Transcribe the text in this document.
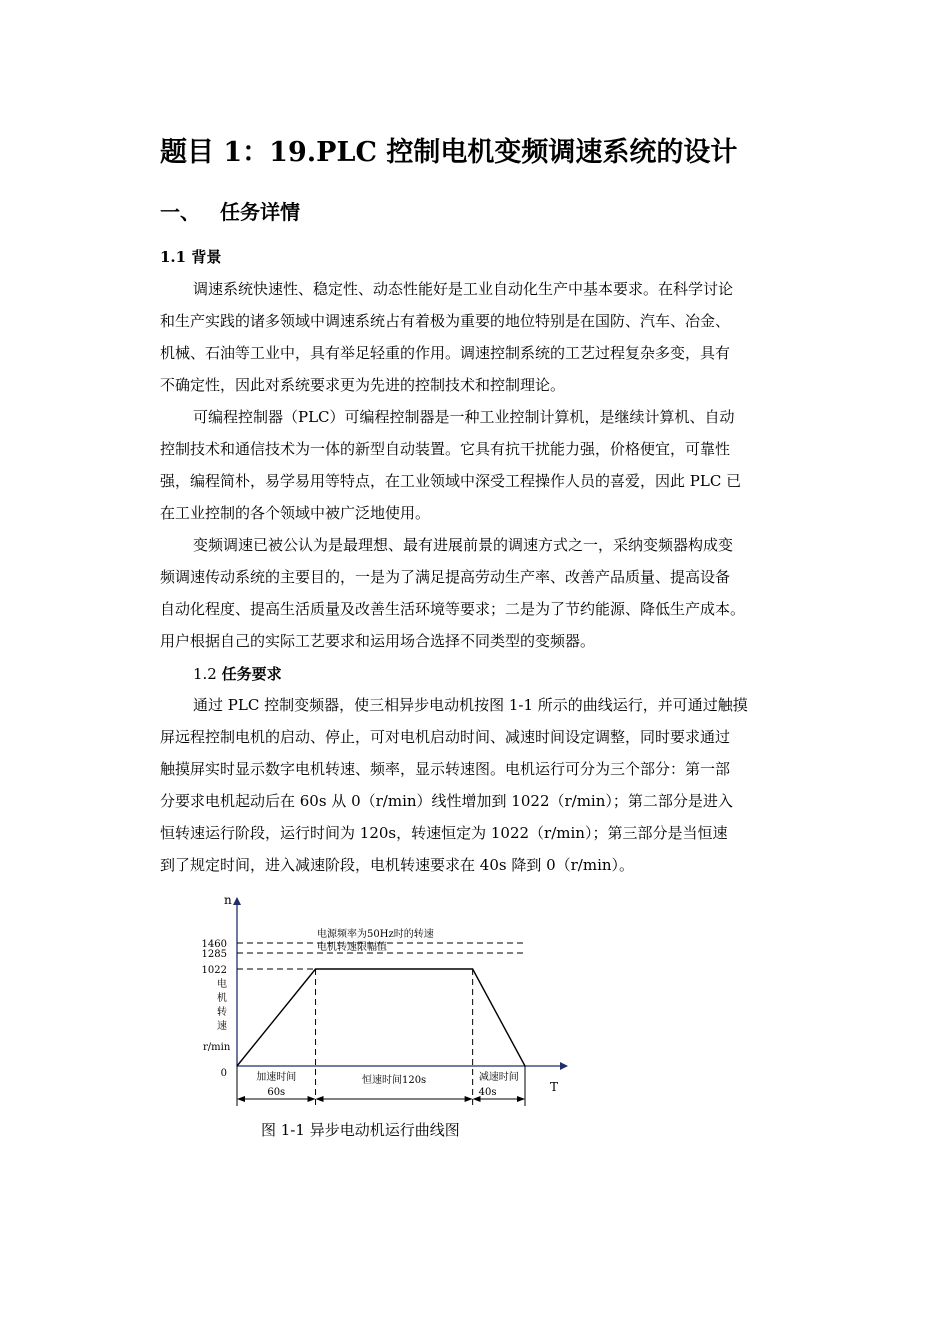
题目 1：19.PLC 控制电机变频调速系统的设计
一、 任务详情
1.1 背景
调速系统快速性、稳定性、动态性能好是工业自动化生产中基本要求。在科学讨论
和生产实践的诸多领域中调速系统占有着极为重要的地位特别是在国防、汽车、冶金、
机械、石油等工业中，具有举足轻重的作用。调速控制系统的工艺过程复杂多变，具有
不确定性，因此对系统要求更为先进的控制技术和控制理论。
可编程控制器（PLC）可编程控制器是一种工业控制计算机，是继续计算机、自动
控制技术和通信技术为一体的新型自动装置。它具有抗干扰能力强，价格便宜，可靠性
强，编程简朴，易学易用等特点，在工业领域中深受工程操作人员的喜爱，因此 PLC 已
在工业控制的各个领域中被广泛地使用。
变频调速已被公认为是最理想、最有进展前景的调速方式之一，采纳变频器构成变
频调速传动系统的主要目的，一是为了满足提高劳动生产率、改善产品质量、提高设备
自动化程度、提高生活质量及改善生活环境等要求；二是为了节约能源、降低生产成本。
用户根据自己的实际工艺要求和运用场合选择不同类型的变频器。
1.2 任务要求
通过 PLC 控制变频器，使三相异步电动机按图 1-1 所示的曲线运行，并可通过触摸
屏远程控制电机的启动、停止，可对电机启动时间、减速时间设定调整，同时要求通过
触摸屏实时显示数字电机转速、频率，显示转速图。电机运行可分为三个部分：第一部
分要求电机起动后在 60s 从 0（r/min）线性增加到 1022（r/min）；第二部分是进入
恒转速运行阶段，运行时间为 120s，转速恒定为 1022（r/min）；第三部分是当恒速
到了规定时间，进入减速阶段，电机转速要求在 40s 降到 0（r/min）。
n
T
0
1022
1285
1460
电
机
转
速
r/min
电源频率为50Hz时的转速
电机转速限幅值
加速时间
60s
恒速时间120s	减速时间
40s
图 1-1 异步电动机运行曲线图
